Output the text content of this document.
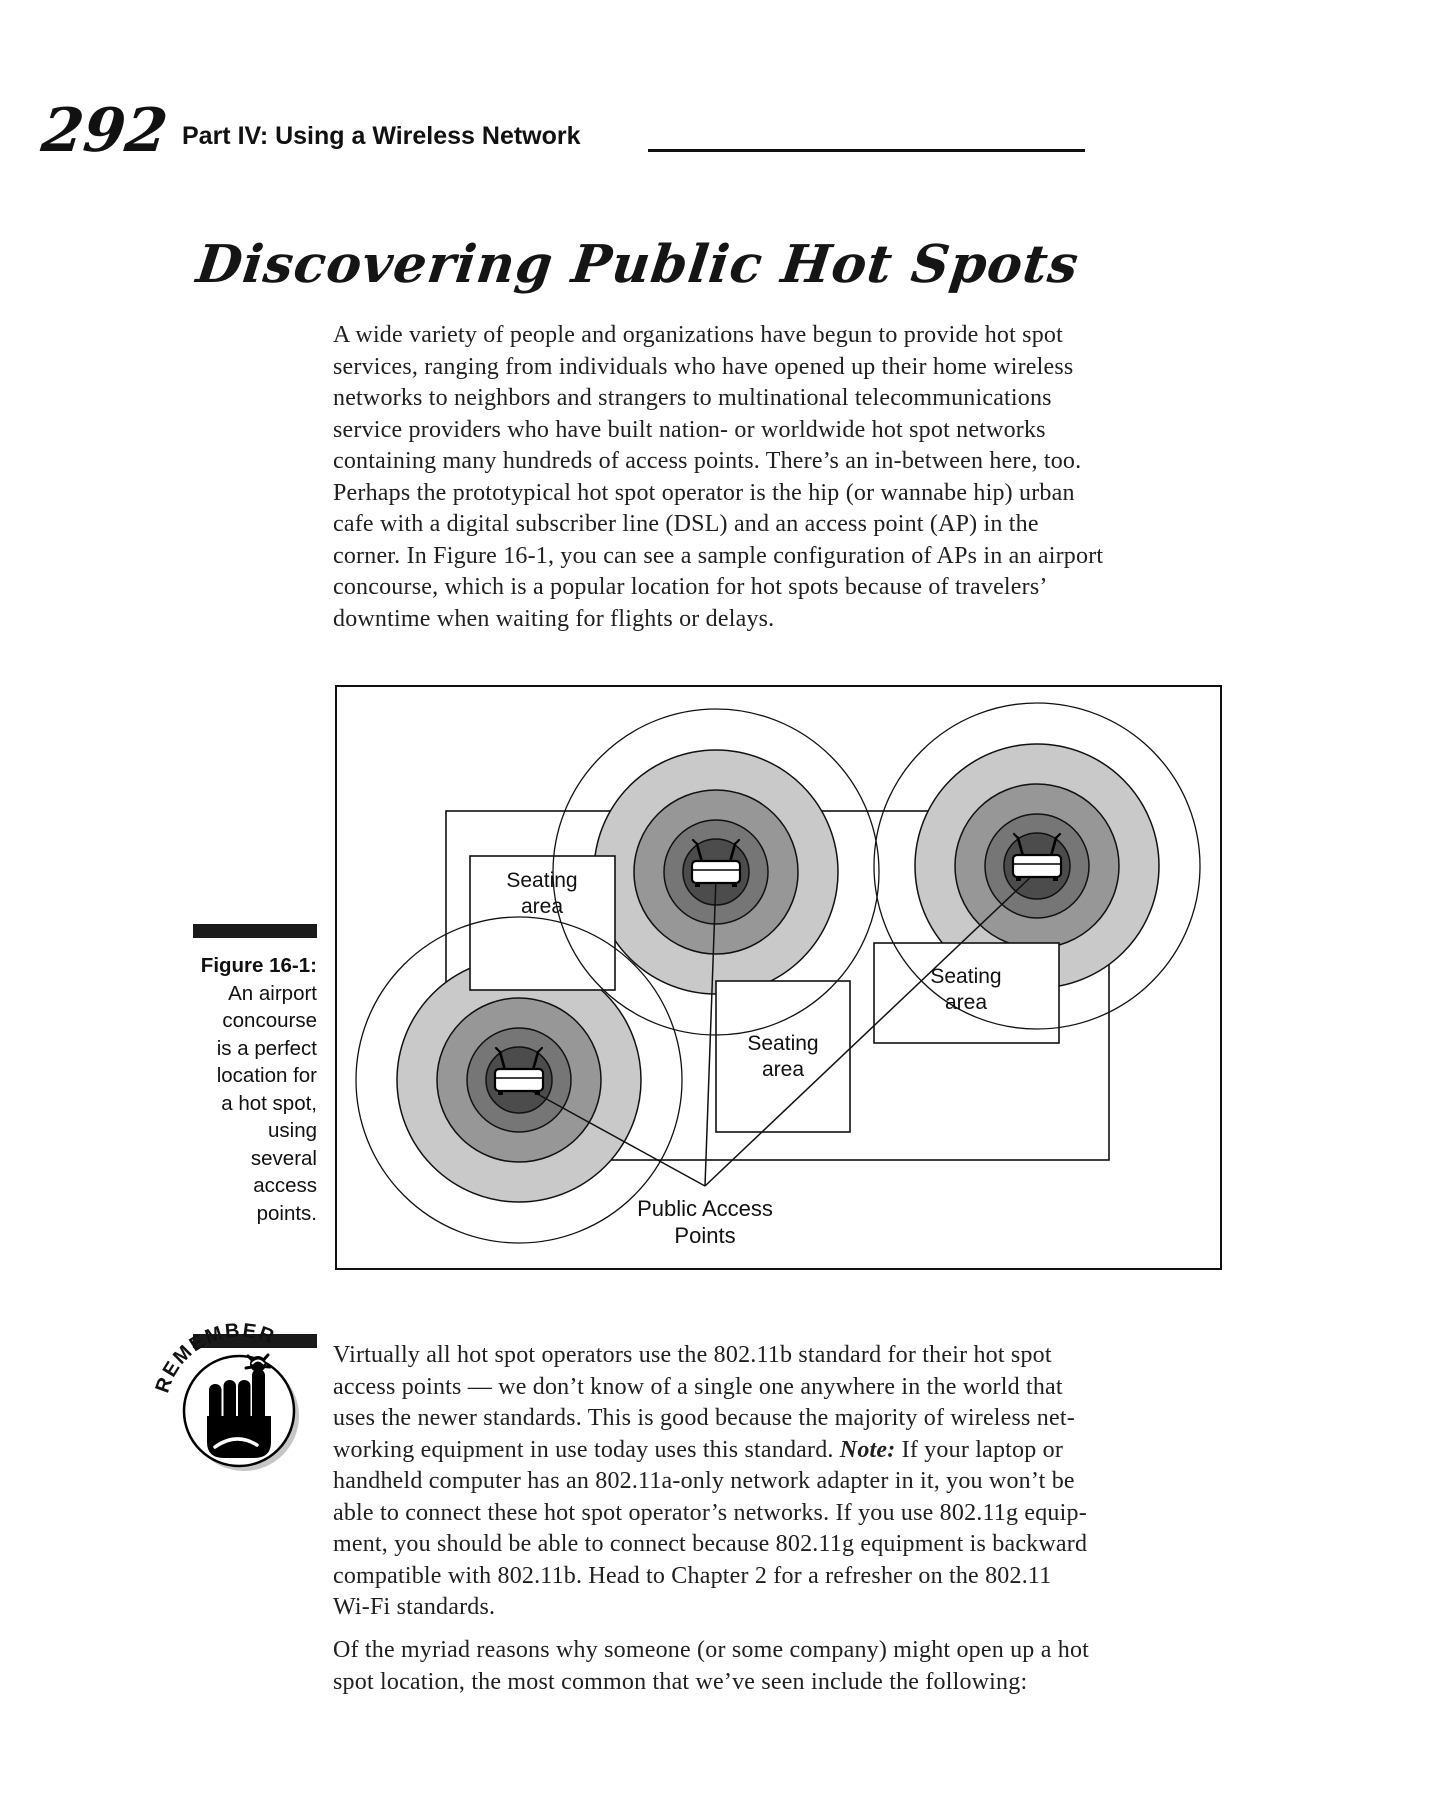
292 Part IV: Using a Wireless Network
Discovering Public Hot Spots
A wide variety of people and organizations have begun to provide hot spot
services, ranging from individuals who have opened up their home wireless
networks to neighbors and strangers to multinational telecommunications
service providers who have built nation- or worldwide hot spot networks
containing many hundreds of access points. There’s an in-between here, too.
Perhaps the prototypical hot spot operator is the hip (or wannabe hip) urban
cafe with a digital subscriber line (DSL) and an access point (AP) in the
corner. In Figure 16-1, you can see a sample configuration of APs in an airport
concourse, which is a popular location for hot spots because of travelers’
downtime when waiting for flights or delays.
Seating
area
Seating
area
Seating
area
Public Access
Points
Figure 16-1:
An airport
concourse
is a perfect
location for
a hot spot,
using
several
access
points.
REMEMBER
Virtually all hot spot operators use the 802.11b standard for their hot spot
access points — we don’t know of a single one anywhere in the world that
uses the newer standards. This is good because the majority of wireless net-
working equipment in use today uses this standard. Note: If your laptop or
handheld computer has an 802.11a-only network adapter in it, you won’t be
able to connect these hot spot operator’s networks. If you use 802.11g equip-
ment, you should be able to connect because 802.11g equipment is backward
compatible with 802.11b. Head to Chapter 2 for a refresher on the 802.11
Wi-Fi standards.
Of the myriad reasons why someone (or some company) might open up a hot
spot location, the most common that we’ve seen include the following:
